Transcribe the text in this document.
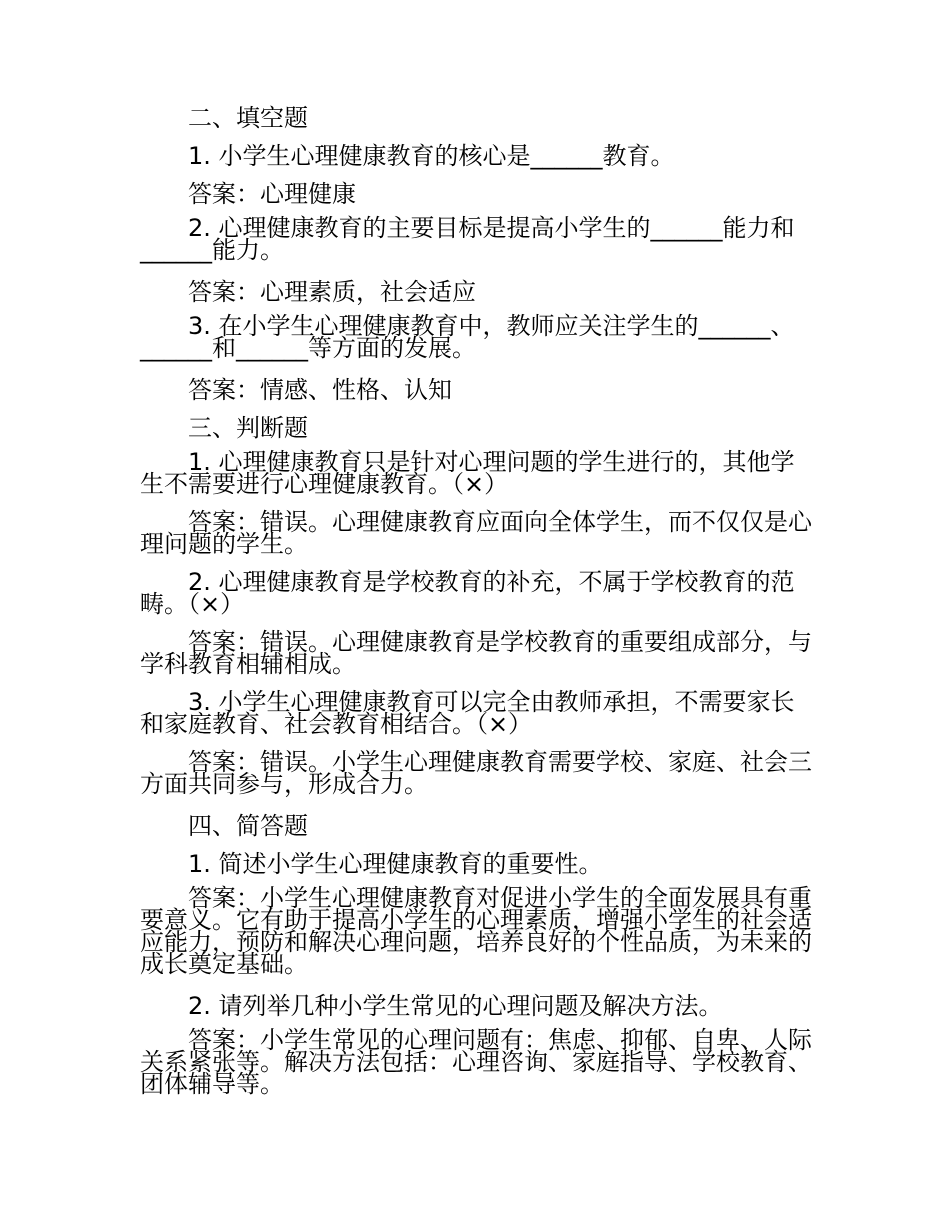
二、填空题

1. 小学生心理健康教育的核心是______教育。

答案：心理健康

2. 心理健康教育的主要目标是提高小学生的______能力和______能力。

答案：心理素质，社会适应

3. 在小学生心理健康教育中，教师应关注学生的______、______和______等方面的发展。

答案：情感、性格、认知

三、判断题

1. 心理健康教育只是针对心理问题的学生进行的，其他学生不需要进行心理健康教育。（×）

答案：错误。心理健康教育应面向全体学生，而不仅仅是心理问题的学生。

2. 心理健康教育是学校教育的补充，不属于学校教育的范畴。（×）

答案：错误。心理健康教育是学校教育的重要组成部分，与学科教育相辅相成。

3. 小学生心理健康教育可以完全由教师承担，不需要家长和家庭教育、社会教育相结合。（×）

答案：错误。小学生心理健康教育需要学校、家庭、社会三方面共同参与，形成合力。

四、简答题

1. 简述小学生心理健康教育的重要性。

答案：小学生心理健康教育对促进小学生的全面发展具有重要意义。它有助于提高小学生的心理素质，增强小学生的社会适应能力，预防和解决心理问题，培养良好的个性品质，为未来的成长奠定基础。

2. 请列举几种小学生常见的心理问题及解决方法。

答案：小学生常见的心理问题有：焦虑、抑郁、自卑、人际关系紧张等。解决方法包括：心理咨询、家庭指导、学校教育、团体辅导等。
